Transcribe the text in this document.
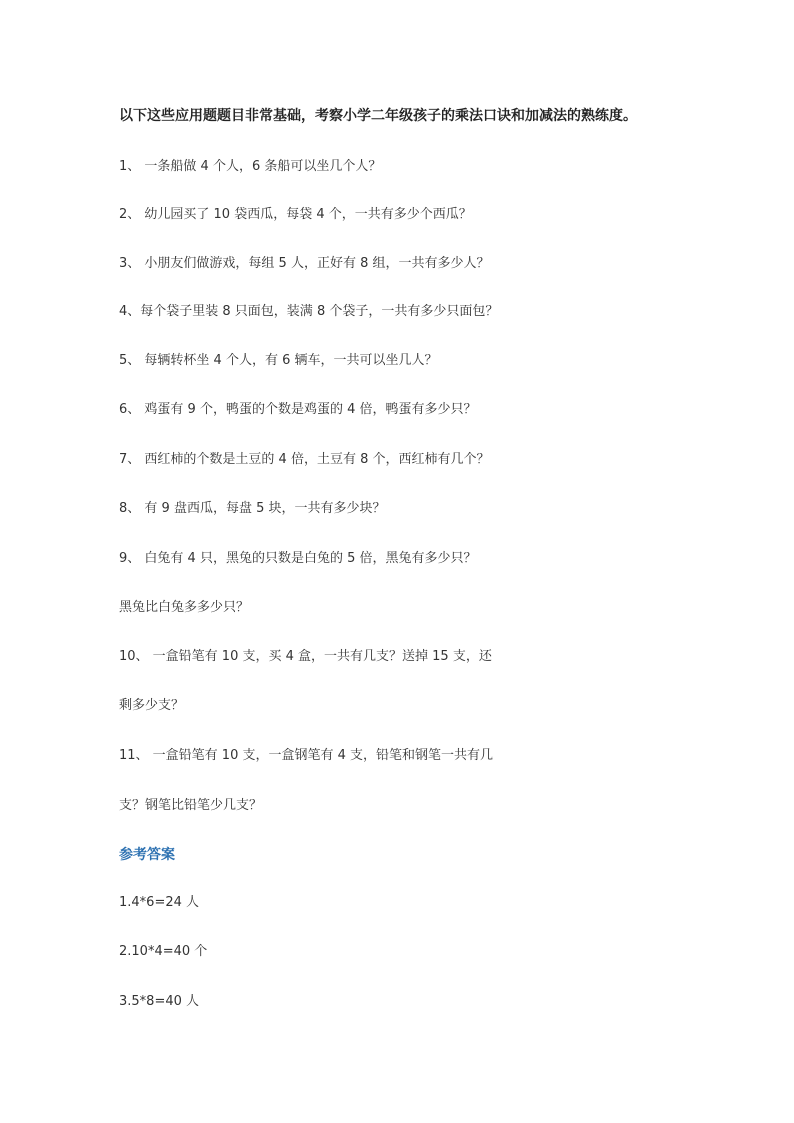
以下这些应用题题目非常基础，考察小学二年级孩子的乘法口诀和加减法的熟练度。
1、 一条船做 4 个人，6 条船可以坐几个人？
2、 幼儿园买了 10 袋西瓜，每袋 4 个，一共有多少个西瓜？
3、 小朋友们做游戏，每组 5 人，正好有 8 组，一共有多少人？
4、每个袋子里装 8 只面包，装满 8 个袋子，一共有多少只面包？
5、 每辆转杯坐 4 个人，有 6 辆车，一共可以坐几人？
6、 鸡蛋有 9 个，鸭蛋的个数是鸡蛋的 4 倍，鸭蛋有多少只？
7、 西红柿的个数是土豆的 4 倍，土豆有 8 个，西红柿有几个？
8、 有 9 盘西瓜，每盘 5 块，一共有多少块？
9、 白兔有 4 只，黑兔的只数是白兔的 5 倍，黑兔有多少只？
黑兔比白兔多多少只？
10、 一盒铅笔有 10 支，买 4 盒，一共有几支？送掉 15 支，还
剩多少支？
11、 一盒铅笔有 10 支，一盒钢笔有 4 支，铅笔和钢笔一共有几
支？钢笔比铅笔少几支？
参考答案
1.4*6=24 人
2.10*4=40 个
3.5*8=40 人
